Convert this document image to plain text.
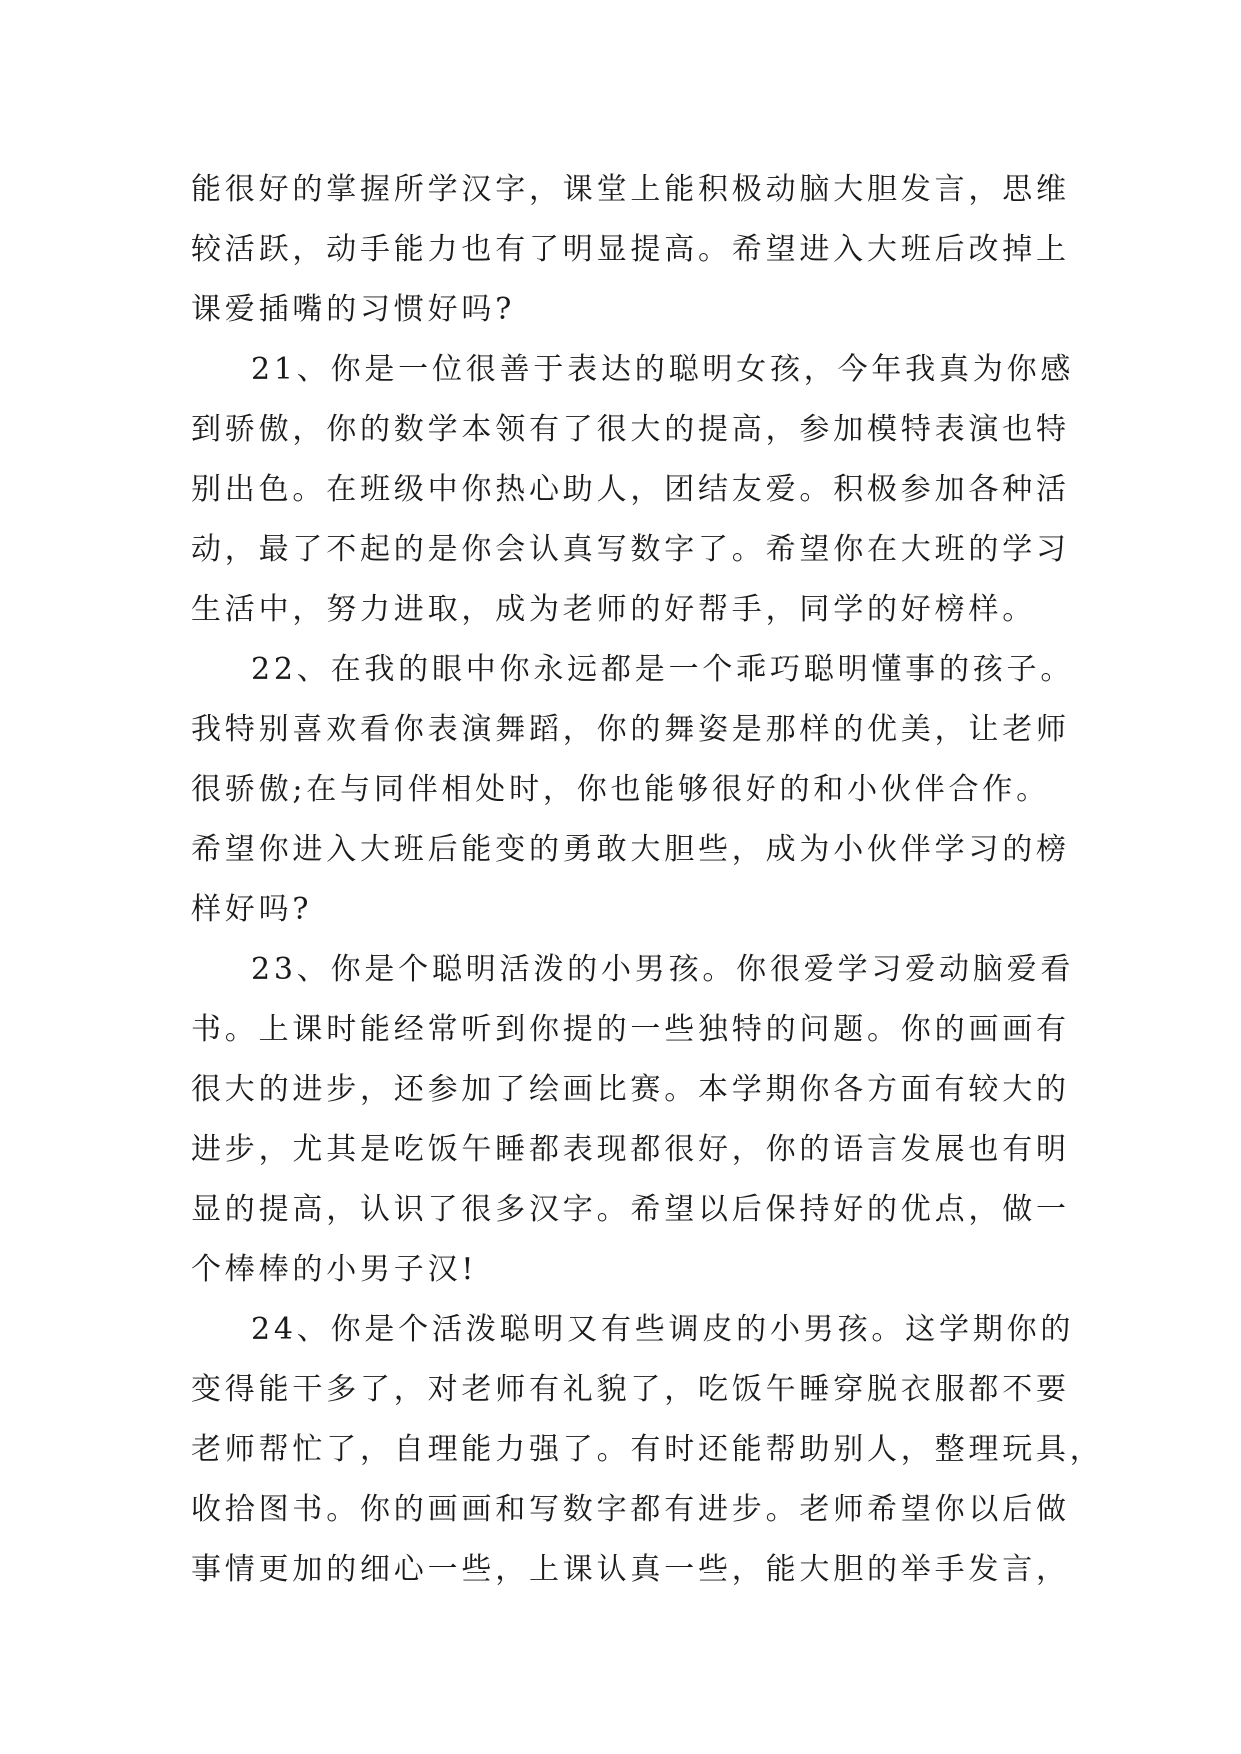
能很好的掌握所学汉字，课堂上能积极动脑大胆发言，思维

较活跃，动手能力也有了明显提高。希望进入大班后改掉上

课爱插嘴的习惯好吗?

21、你是一位很善于表达的聪明女孩，今年我真为你感

到骄傲，你的数学本领有了很大的提高，参加模特表演也特

别出色。在班级中你热心助人，团结友爱。积极参加各种活

动，最了不起的是你会认真写数字了。希望你在大班的学习

生活中，努力进取，成为老师的好帮手，同学的好榜样。

22、在我的眼中你永远都是一个乖巧聪明懂事的孩子。

我特别喜欢看你表演舞蹈，你的舞姿是那样的优美，让老师

很骄傲;在与同伴相处时，你也能够很好的和小伙伴合作。

希望你进入大班后能变的勇敢大胆些，成为小伙伴学习的榜

样好吗?

23、你是个聪明活泼的小男孩。你很爱学习爱动脑爱看

书。上课时能经常听到你提的一些独特的问题。你的画画有

很大的进步，还参加了绘画比赛。本学期你各方面有较大的

进步，尤其是吃饭午睡都表现都很好，你的语言发展也有明

显的提高，认识了很多汉字。希望以后保持好的优点，做一

个棒棒的小男子汉!

24、你是个活泼聪明又有些调皮的小男孩。这学期你的

变得能干多了，对老师有礼貌了，吃饭午睡穿脱衣服都不要

老师帮忙了，自理能力强了。有时还能帮助别人，整理玩具，

收拾图书。你的画画和写数字都有进步。老师希望你以后做

事情更加的细心一些，上课认真一些，能大胆的举手发言，
